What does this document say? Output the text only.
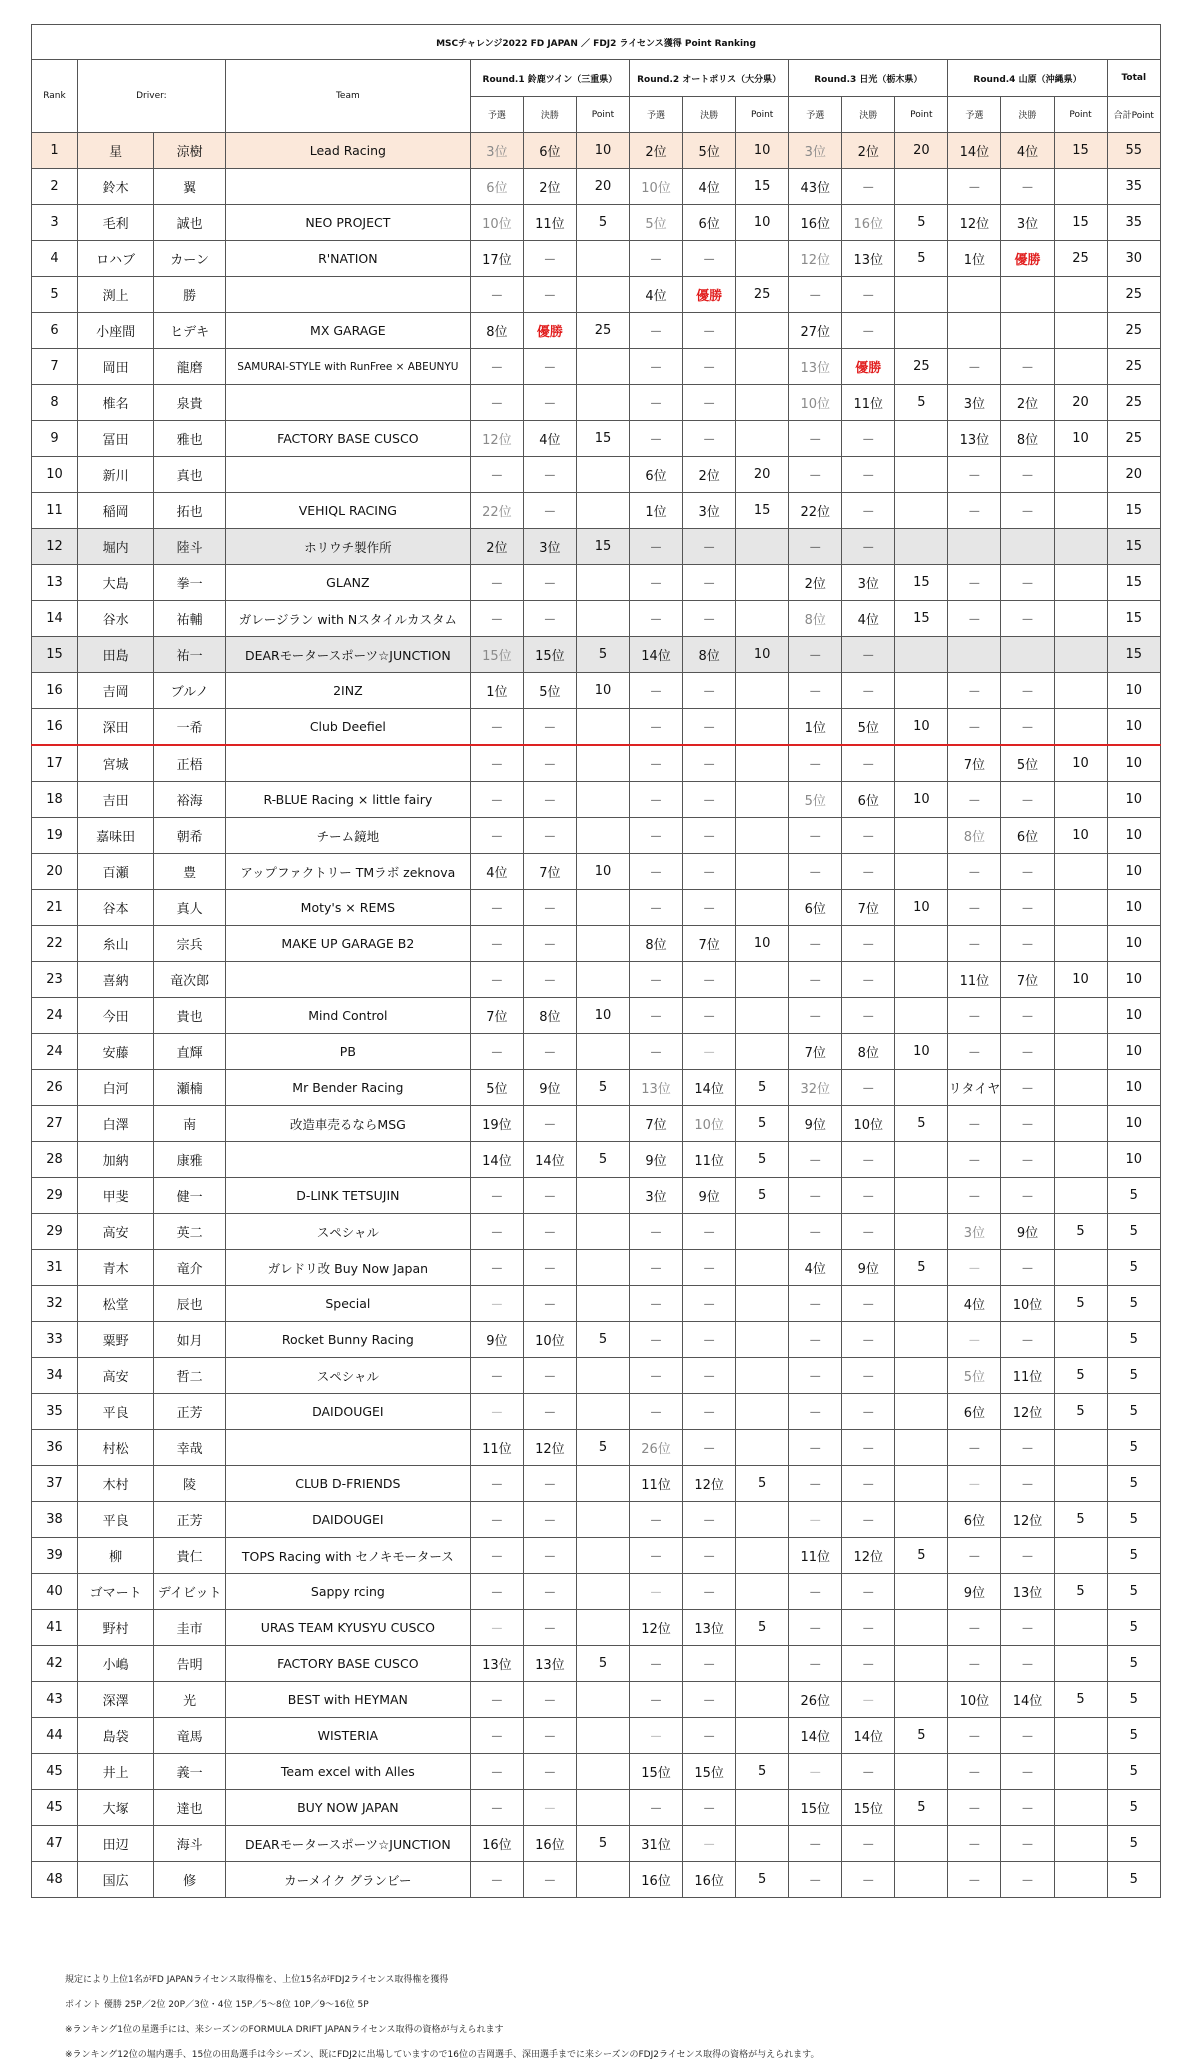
MSCチャレンジ2022 FD JAPAN ／ FDJ2 ライセンス獲得 Point Ranking																
Rank	Driver:		Team	Round.1 鈴鹿ツイン（三重県）			Round.2 オートポリス（大分県）			Round.3 日光（栃木県）			Round.4 山原（沖縄県）			Total
				予選	決勝	Point	予選	決勝	Point	予選	決勝	Point	予選	決勝	Point	合計Point
1	星	涼樹	Lead Racing	3位	6位	10	2位	5位	10	3位	2位	20	14位	4位	15	55
2	鈴木	翼		6位	2位	20	10位	4位	15	43位	－		－	－		35
3	毛利	誠也	NEO PROJECT	10位	11位	5	5位	6位	10	16位	16位	5	12位	3位	15	35
4	ロハブ	カーン	R'NATION	17位	－		－	－		12位	13位	5	1位	優勝	25	30
5	渕上	勝		－	－		4位	優勝	25	－	－					25
6	小座間	ヒデキ	MX GARAGE	8位	優勝	25	－	－		27位	－					25
7	岡田	龍磨	SAMURAI-STYLE with RunFree × ABEUNYU	－	－		－	－		13位	優勝	25	－	－		25
8	椎名	泉貴		－	－		－	－		10位	11位	5	3位	2位	20	25
9	冨田	雅也	FACTORY BASE CUSCO	12位	4位	15	－	－		－	－		13位	8位	10	25
10	新川	真也		－	－		6位	2位	20	－	－		－	－		20
11	稲岡	拓也	VEHIQL RACING	22位	－		1位	3位	15	22位	－		－	－		15
12	堀内	陸斗	ホリウチ製作所	2位	3位	15	－	－		－	－					15
13	大島	拳一	GLANZ	－	－		－	－		2位	3位	15	－	－		15
14	谷水	祐輔	ガレージラン with Nスタイルカスタム	－	－		－	－		8位	4位	15	－	－		15
15	田島	祐一	DEARモータースポーツ☆JUNCTION	15位	15位	5	14位	8位	10	－	－					15
16	吉岡	ブルノ	2INZ	1位	5位	10	－	－		－	－		－	－		10
16	深田	一希	Club Deefiel	－	－		－	－		1位	5位	10	－	－		10
17	宮城	正梧		－	－		－	－		－	－		7位	5位	10	10
18	吉田	裕海	R-BLUE Racing × little fairy	－	－		－	－		5位	6位	10	－	－		10
19	嘉味田	朝希	チーム鏡地	－	－		－	－		－	－		8位	6位	10	10
20	百瀬	豊	アップファクトリー TMラボ zeknova	4位	7位	10	－	－		－	－		－	－		10
21	谷本	真人	Moty's × REMS	－	－		－	－		6位	7位	10	－	－		10
22	糸山	宗兵	MAKE UP GARAGE B2	－	－		8位	7位	10	－	－		－	－		10
23	喜納	竜次郎		－	－		－	－		－	－		11位	7位	10	10
24	今田	貴也	Mind Control	7位	8位	10	－	－		－	－		－	－		10
24	安藤	直輝	PB	－	－		－	－		7位	8位	10	－	－		10
26	白河	瀬楠	Mr Bender Racing	5位	9位	5	13位	14位	5	32位	－		リタイヤ	－		10
27	白澤	南	改造車売るならMSG	19位	－		7位	10位	5	9位	10位	5	－	－		10
28	加納	康雅		14位	14位	5	9位	11位	5	－	－		－	－		10
29	甲斐	健一	D-LINK TETSUJIN	－	－		3位	9位	5	－	－		－	－		5
29	高安	英二	スペシャル	－	－		－	－		－	－		3位	9位	5	5
31	青木	竜介	ガレドリ改 Buy Now Japan	－	－		－	－		4位	9位	5	－	－		5
32	松堂	辰也	Special	－	－		－	－		－	－		4位	10位	5	5
33	粟野	如月	Rocket Bunny Racing	9位	10位	5	－	－		－	－		－	－		5
34	高安	哲二	スペシャル	－	－		－	－		－	－		5位	11位	5	5
35	平良	正芳	DAIDOUGEI	－	－		－	－		－	－		6位	12位	5	5
36	村松	幸哉		11位	12位	5	26位	－		－	－		－	－		5
37	木村	陵	CLUB D-FRIENDS	－	－		11位	12位	5	－	－		－	－		5
38	平良	正芳	DAIDOUGEI	－	－		－	－		－	－		6位	12位	5	5
39	柳	貴仁	TOPS Racing with セノキモータース	－	－		－	－		11位	12位	5	－	－		5
40	ゴマート	デイビット	Sappy rcing	－	－		－	－		－	－		9位	13位	5	5
41	野村	圭市	URAS TEAM KYUSYU CUSCO	－	－		12位	13位	5	－	－		－	－		5
42	小嶋	告明	FACTORY BASE CUSCO	13位	13位	5	－	－		－	－		－	－		5
43	深澤	光	BEST with HEYMAN	－	－		－	－		26位	－		10位	14位	5	5
44	島袋	竜馬	WISTERIA	－	－		－	－		14位	14位	5	－	－		5
45	井上	義一	Team excel with Alles	－	－		15位	15位	5	－	－		－	－		5
45	大塚	達也	BUY NOW JAPAN	－	－		－	－		15位	15位	5	－	－		5
47	田辺	海斗	DEARモータースポーツ☆JUNCTION	16位	16位	5	31位	－		－	－		－	－		5
48	国広	修	カーメイク グランビー	－	－		16位	16位	5	－	－		－	－		5
規定により上位1名がFD JAPANライセンス取得権を、上位15名がFDJ2ライセンス取得権を獲得
ポイント 優勝 25P／2位 20P／3位・4位 15P／5〜8位 10P／9〜16位 5P
※ランキング1位の星選手には、来シーズンのFORMULA DRIFT JAPANライセンス取得の資格が与えられます
※ランキング12位の堀内選手、15位の田島選手は今シーズン、既にFDJ2に出場していますので16位の吉岡選手、深田選手までに来シーズンのFDJ2ライセンス取得の資格が与えられます。
